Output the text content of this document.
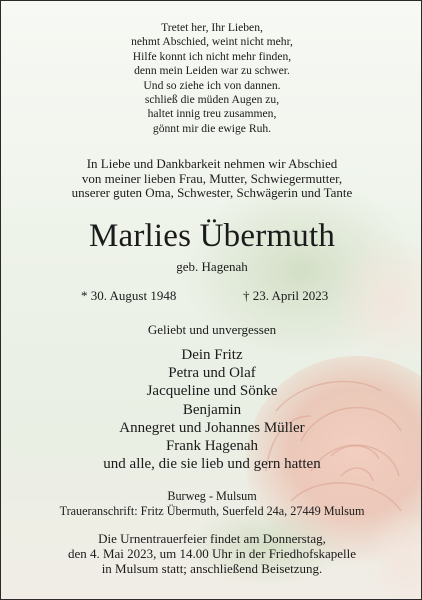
Tretet her, Ihr Lieben,
nehmt Abschied, weint nicht mehr,
Hilfe konnt ich nicht mehr finden,
denn mein Leiden war zu schwer.
Und so ziehe ich von dannen.
schließ die müden Augen zu,
haltet innig treu zusammen,
gönnt mir die ewige Ruh.
In Liebe und Dankbarkeit nehmen wir Abschied
von meiner lieben Frau, Mutter, Schwiegermutter,
unserer guten Oma, Schwester, Schwägerin und Tante
Marlies Übermuth
geb. Hagenah
* 30. August 1948	† 23. April 2023
Geliebt und unvergessen
Dein Fritz
Petra und Olaf
Jacqueline und Sönke
Benjamin
Annegret und Johannes Müller
Frank Hagenah
und alle, die sie lieb und gern hatten
Burweg - Mulsum
Traueranschrift: Fritz Übermuth, Suerfeld 24a, 27449 Mulsum
Die Urnentrauerfeier findet am Donnerstag,
den 4. Mai 2023, um 14.00 Uhr in der Friedhofskapelle
in Mulsum statt; anschließend Beisetzung.
